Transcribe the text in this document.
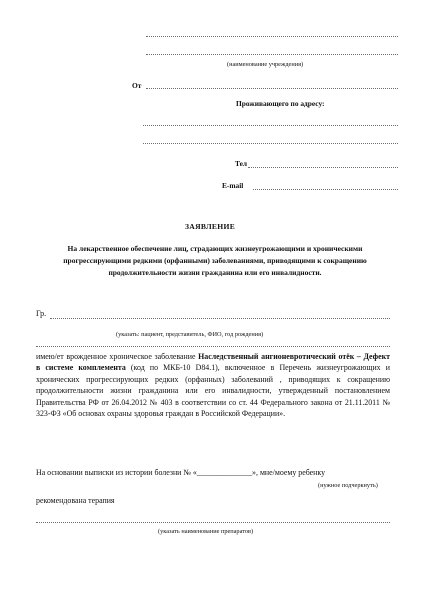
(наименование учреждения)
От
Проживающего по адресу:
Тел
E-mail
ЗАЯВЛЕНИЕ
На лекарственное обеспечение лиц, страдающих жизнеугрожающими и хроническими прогрессирующими редкими (орфанными) заболеваниями, приводящими к сокращению продолжительности жизни гражданина или его инвалидности.
Гр.
(указать: пациент, представитель, ФИО, год рождения)
имею/ет врожденное хроническое заболевание Наследственный ангионевротический отёк – Дефект в системе комплемента (код по МКБ-10 D84.1), включенное в Перечень жизнеугрожающих и хронических прогрессирующих редких (орфанных) заболеваний , приводящих к сокращению продолжительности жизни гражданина или его инвалидности, утвержденный постановлением Правительства РФ от 26.04.2012 № 403 в соответствии со ст. 44 Федерального закона от 21.11.2011 № 323-ФЗ «Об основах охраны здоровья граждан в Российской Федерации».
На основании выписки из истории болезни № «______________», мне/моему ребенку
(нужное подчеркнуть)
рекомендована терапия
(указать наименование препаратов)
